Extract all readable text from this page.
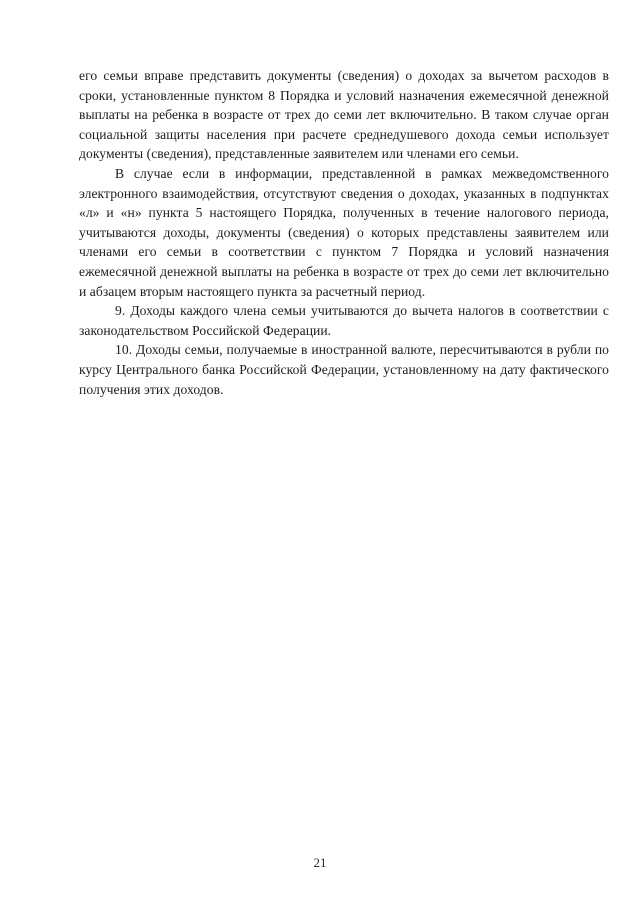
его семьи вправе представить документы (сведения) о доходах за вычетом расходов в сроки, установленные пунктом 8 Порядка и условий назначения ежемесячной денежной выплаты на ребенка в возрасте от трех до семи лет включительно. В таком случае орган социальной защиты населения при расчете среднедушевого дохода семьи использует документы (сведения), представленные заявителем или членами его семьи.

В случае если в информации, представленной в рамках межведомственного электронного взаимодействия, отсутствуют сведения о доходах, указанных в подпунктах «л» и «н» пункта 5 настоящего Порядка, полученных в течение налогового периода, учитываются доходы, документы (сведения) о которых представлены заявителем или членами его семьи в соответствии с пунктом 7 Порядка и условий назначения ежемесячной денежной выплаты на ребенка в возрасте от трех до семи лет включительно и абзацем вторым настоящего пункта за расчетный период.

9. Доходы каждого члена семьи учитываются до вычета налогов в соответствии с законодательством Российской Федерации.

10. Доходы семьи, получаемые в иностранной валюте, пересчитываются в рубли по курсу Центрального банка Российской Федерации, установленному на дату фактического получения этих доходов.

21
